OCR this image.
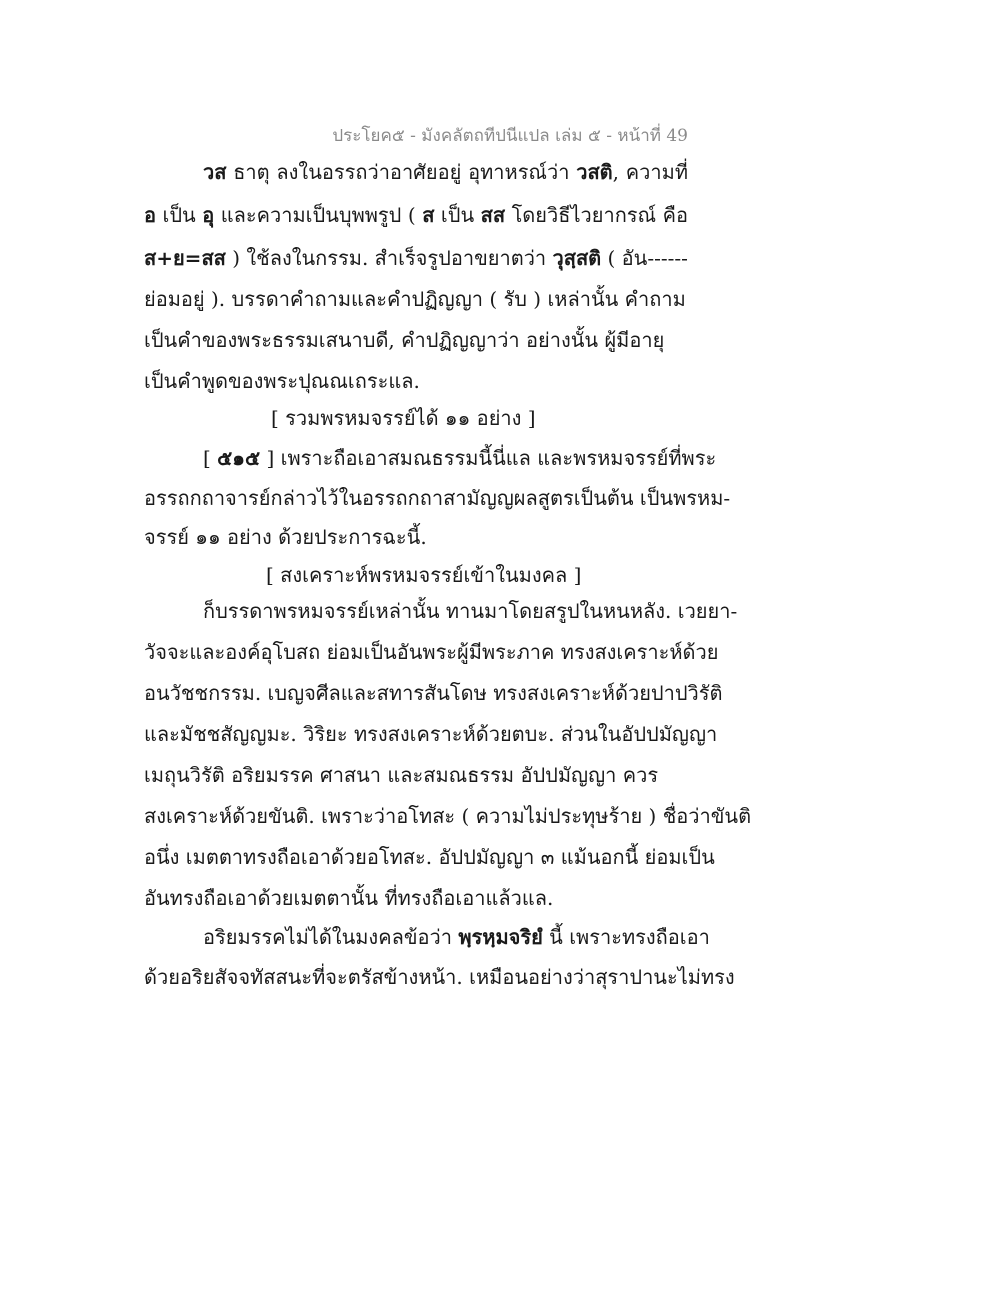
ประโยค๕ - มังคลัตถทีปนีแปล เล่ม ๕ - หน้าที่ 49
วส ธาตุ ลงในอรรถว่าอาศัยอยู่ อุทาหรณ์ว่า วสติ, ความที่
อ เป็น อุ และความเป็นบุพพรูป ( ส เป็น สส โดยวิธีไวยากรณ์ คือ
ส+ย=สส ) ใช้ลงในกรรม. สำเร็จรูปอาขยาตว่า วุสฺสติ ( อัน------
ย่อมอยู่ ). บรรดาคำถามและคำปฏิญญา ( รับ ) เหล่านั้น คำถาม
เป็นคำของพระธรรมเสนาบดี, คำปฏิญญาว่า อย่างนั้น ผู้มีอายุ
เป็นคำพูดของพระปุณณเถระแล.
[ รวมพรหมจรรย์ได้ ๑๑ อย่าง ]
[ ๕๑๕ ] เพราะถือเอาสมณธรรมนี้นี่แล และพรหมจรรย์ที่พระ
อรรถกถาจารย์กล่าวไว้ในอรรถกถาสามัญญผลสูตรเป็นต้น เป็นพรหม-
จรรย์ ๑๑ อย่าง ด้วยประการฉะนี้.
[ สงเคราะห์พรหมจรรย์เข้าในมงคล ]
ก็บรรดาพรหมจรรย์เหล่านั้น ทานมาโดยสรูปในหนหลัง. เวยยา-
วัจจะและองค์อุโบสถ ย่อมเป็นอันพระผู้มีพระภาค ทรงสงเคราะห์ด้วย
อนวัชชกรรม. เบญจศีลและสทารสันโดษ ทรงสงเคราะห์ด้วยปาปวิรัติ
และมัชชสัญญมะ. วิริยะ ทรงสงเคราะห์ด้วยตบะ. ส่วนในอัปปมัญญา
เมถุนวิรัติ อริยมรรค ศาสนา และสมณธรรม อัปปมัญญา ควร
สงเคราะห์ด้วยขันติ. เพราะว่าอโทสะ ( ความไม่ประทุษร้าย ) ชื่อว่าขันติ
อนึ่ง เมตตาทรงถือเอาด้วยอโทสะ. อัปปมัญญา ๓ แม้นอกนี้ ย่อมเป็น
อันทรงถือเอาด้วยเมตตานั้น ที่ทรงถือเอาแล้วแล.
อริยมรรคไม่ได้ในมงคลข้อว่า พฺรหฺมจริยํ นี้ เพราะทรงถือเอา
ด้วยอริยสัจจทัสสนะที่จะตรัสข้างหน้า. เหมือนอย่างว่าสุราปานะไม่ทรง
